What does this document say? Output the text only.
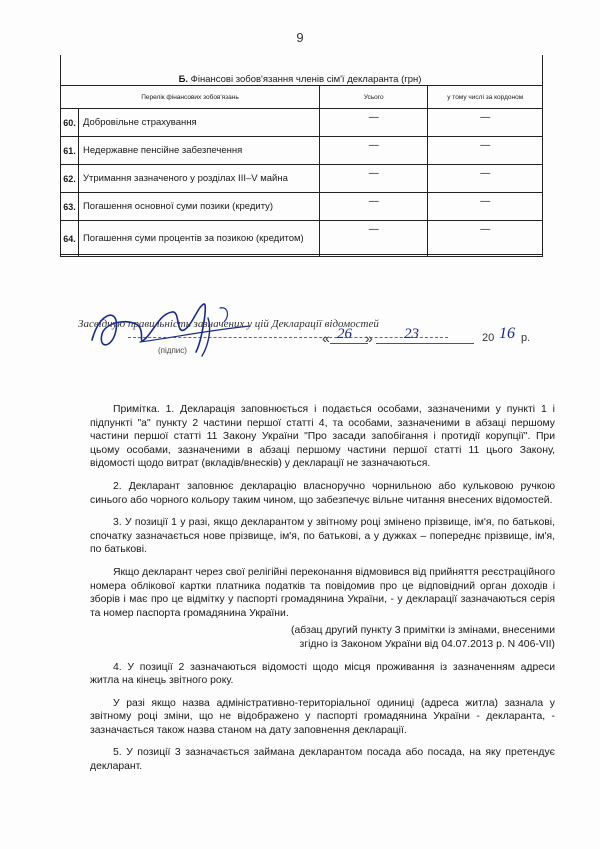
9
Б. Фінансові зобов'язання членів сім'ї декларанта (грн)
Перелік фінансових зобов'язань		Усього	у тому числі за кордоном
60.	Добровільне страхування	—	—
61.	Недержавне пенсійне забезпечення	—	—
62.	Утримання зазначеного у розділах III–V майна	—	—
63.	Погашення основної суми позики (кредиту)	—	—
64.	Погашення суми процентів за позикою (кредитом)	—	—
Засвідчую правильність зазначених у цій Декларації відомостей
(підпис)
« 26 » 23	20 16 р.

Примітка. 1. Декларація заповнюється і подається особами, зазначеними у пункті 1 і підпункті "а" пункту 2 частини першої статті 4, та особами, зазначеними в абзаці першому частини першої статті 11 Закону України "Про засади запобігання і протидії корупції". При цьому особами, зазначеними в абзаці першому частини першої статті 11 цього Закону, відомості щодо витрат (вкладів/внесків) у декларації не зазначаються.

2. Декларант заповнює декларацію власноручно чорнильною або кульковою ручкою синього або чорного кольору таким чином, що забезпечує вільне читання внесених відомостей.

3. У позиції 1 у разі, якщо декларантом у звітному році змінено прізвище, ім'я, по батькові, спочатку зазначається нове прізвище, ім'я, по батькові, а у дужках – попереднє прізвище, ім'я, по батькові.

Якщо декларант через свої релігійні переконання відмовився від прийняття реєстраційного номера облікової картки платника податків та повідомив про це відповідний орган доходів і зборів і має про це відмітку у паспорті громадянина України, - у декларації зазначаються серія та номер паспорта громадянина України.

(абзац другий пункту 3 примітки із змінами, внесеними
згідно із Законом України від 04.07.2013 р. N 406-VII)

4. У позиції 2 зазначаються відомості щодо місця проживання із зазначенням адреси житла на кінець звітного року.

У разі якщо назва адміністративно-територіальної одиниці (адреса житла) зазнала у звітному році зміни, що не відображено у паспорті громадянина України - декларанта, - зазначається також назва станом на дату заповнення декларації.

5. У позиції 3 зазначається займана декларантом посада або посада, на яку претендує декларант.
